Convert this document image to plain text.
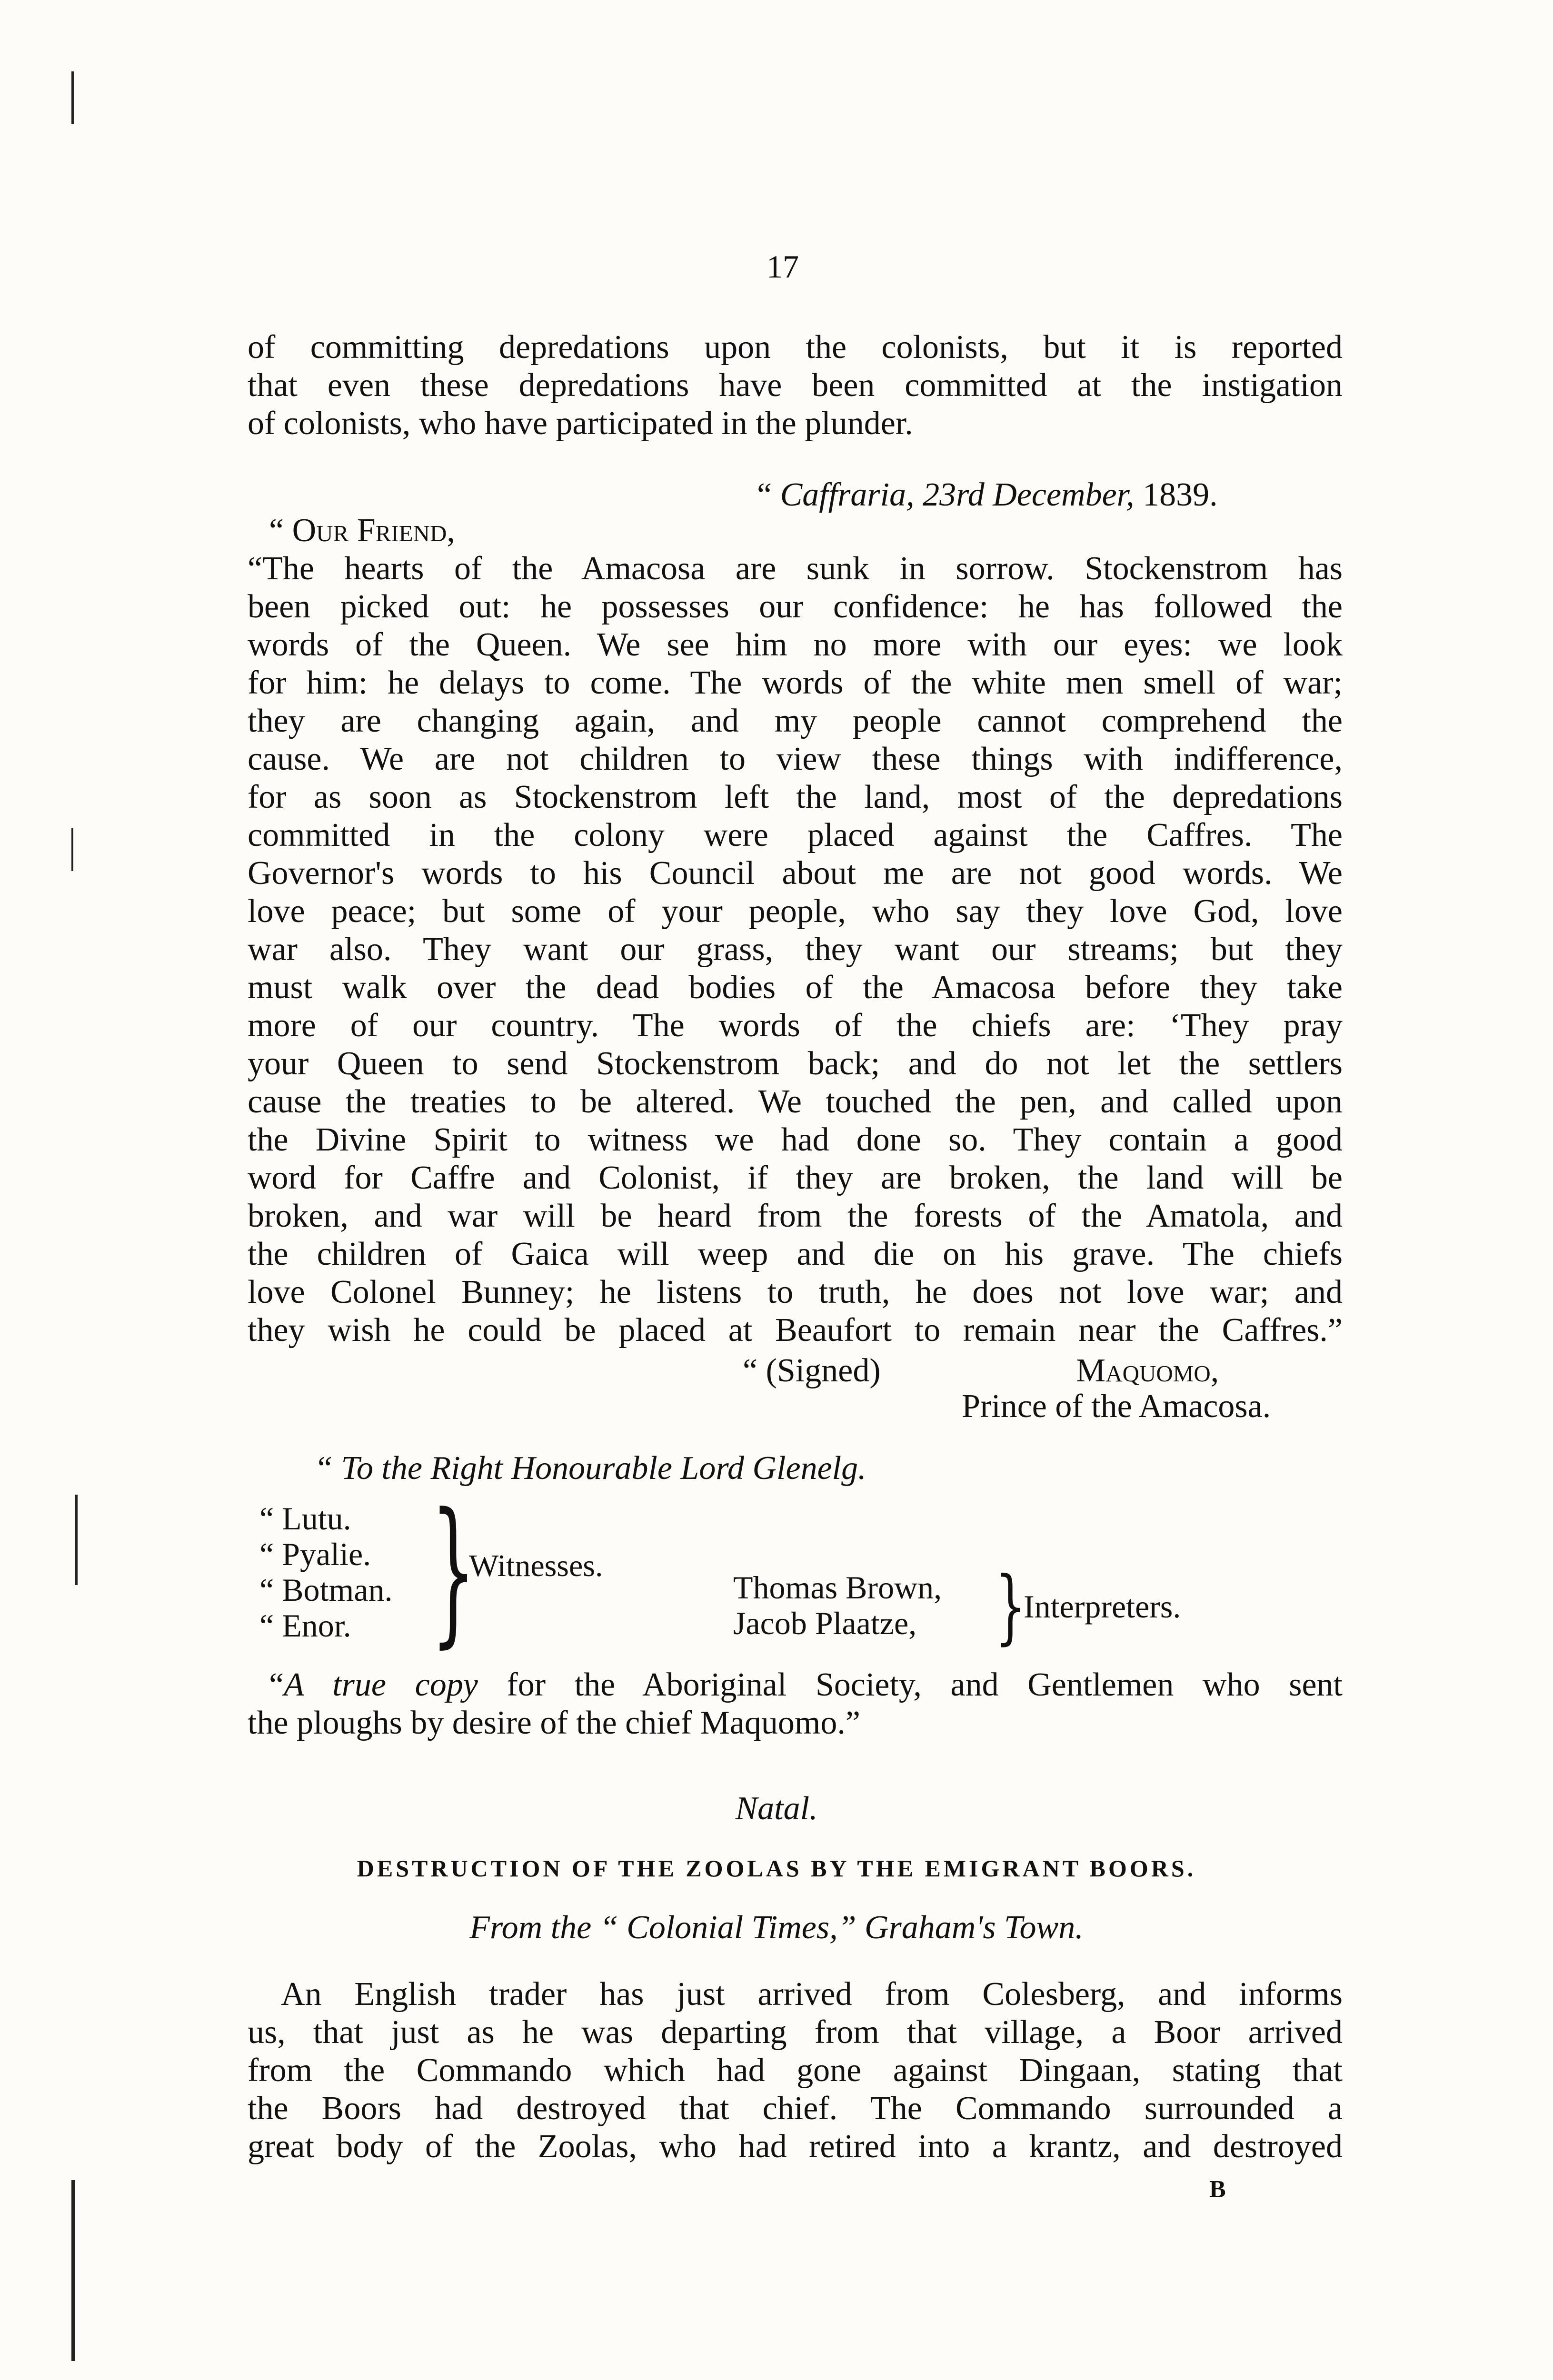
17
of committing depredations upon the colonists, but it is reported
that even these depredations have been committed at the instigation
of colonists, who have participated in the plunder.
“ Caffraria, 23rd December, 1839.
“ Our Friend,
“The hearts of the Amacosa are sunk in sorrow. Stockenstrom has
been picked out: he possesses our confidence: he has followed the
words of the Queen. We see him no more with our eyes: we look
for him: he delays to come. The words of the white men smell of war;
they are changing again, and my people cannot comprehend the
cause. We are not children to view these things with indifference,
for as soon as Stockenstrom left the land, most of the depredations
committed in the colony were placed against the Caffres. The
Governor's words to his Council about me are not good words. We
love peace; but some of your people, who say they love God, love
war also. They want our grass, they want our streams; but they
must walk over the dead bodies of the Amacosa before they take
more of our country. The words of the chiefs are: ‘They pray
your Queen to send Stockenstrom back; and do not let the settlers
cause the treaties to be altered. We touched the pen, and called upon
the Divine Spirit to witness we had done so. They contain a good
word for Caffre and Colonist, if they are broken, the land will be
broken, and war will be heard from the forests of the Amatola, and
the children of Gaica will weep and die on his grave. The chiefs
love Colonel Bunney; he listens to truth, he does not love war; and
they wish he could be placed at Beaufort to remain near the Caffres.”
“ (Signed)	Maquomo,
Prince of the Amacosa.
“ To the Right Honourable Lord Glenelg.
“ Lutu.
“ Pyalie.
“ Botman.
“ Enor. }
Witnesses.
Thomas Brown,
Jacob Plaatze, }
Interpreters.
“A true copy for the Aboriginal Society, and Gentlemen who sent
the ploughs by desire of the chief Maquomo.”
Natal.
DESTRUCTION OF THE ZOOLAS BY THE EMIGRANT BOORS.
From the “ Colonial Times,” Graham's Town.
An English trader has just arrived from Colesberg, and informs
us, that just as he was departing from that village, a Boor arrived
from the Commando which had gone against Dingaan, stating that
the Boors had destroyed that chief. The Commando surrounded a
great body of the Zoolas, who had retired into a krantz, and destroyed
B
